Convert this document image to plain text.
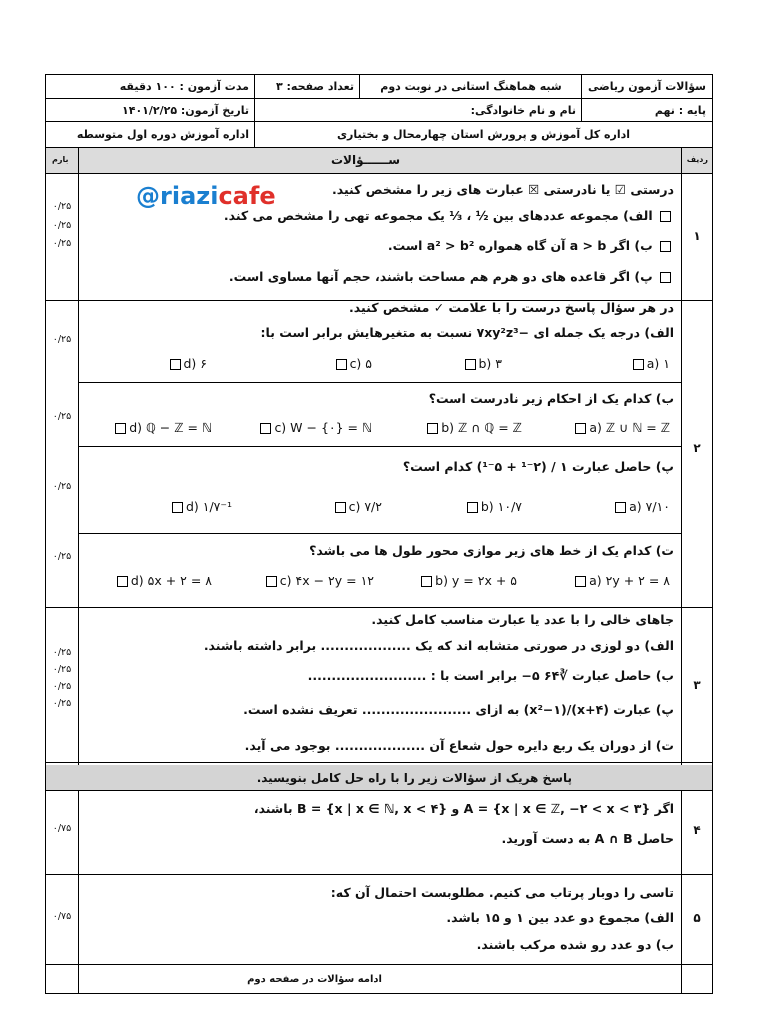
سؤالات آزمون ریاضی
شبه هماهنگ استانی در نوبت دوم
تعداد صفحه: ۳
مدت آزمون : ۱۰۰ دقیقه
پایه : نهم
نام و نام خانوادگی:
تاریخ آزمون: ۱۴۰۱/۲/۲۵
اداره کل آموزش و پرورش استان چهارمحال و بختیاری
اداره آموزش دوره اول متوسطه
ردیف
ســــــؤالات
بارم
۱
درستی ☑ یا نادرستی ☒ عبارت های زیر را مشخص کنید.
الف) مجموعه عددهای بین ½ ، ⅓ یک مجموعه تهی را مشخص می کند.
ب) اگر a > b آن گاه همواره a² > b² است.
پ) اگر قاعده های دو هرم هم مساحت باشند، حجم آنها مساوی است.
۰/۲۵
۰/۲۵
۰/۲۵
@riazicafe
۲
در هر سؤال پاسخ درست را با علامت ✓ مشخص کنید.
الف) درجه یک جمله ای −۷xy²z³ نسبت به متغیرهایش برابر است با:
a) ۱
b) ۳
c) ۵
d) ۶
۰/۲۵
ب) کدام یک از احکام زیر نادرست است؟
a) ℤ ∪ ℕ = ℤ
b) ℤ ∩ ℚ = ℤ
c) W − {۰} = ℕ
d) ℚ − ℤ = ℕ
۰/۲۵
پ) حاصل عبارت ۱ / (۲⁻¹ + ۵⁻¹) کدام است؟
a) ۷/۱۰
b) ۱۰/۷
c) ۷/۲
d) ۱/۷⁻¹
۰/۲۵
ت) کدام یک از خط های زیر موازی محور طول ها می باشد؟
a) ۲y + ۲ = ۸
b) y = ۲x + ۵
c) ۴x − ۲y = ۱۲
d) ۵x + ۲ = ۸
۰/۲۵
۳
جاهای خالی را با عدد یا عبارت مناسب کامل کنید.
الف) دو لوزی در صورتی متشابه اند که یک ................... برابر داشته باشند.
ب) حاصل عبارت ∛۶۴ ۵− برابر است با : .........................
پ) عبارت (x+۴)/(x²−۱) به ازای ....................... تعریف نشده است.
ت) از دوران یک ربع دایره حول شعاع آن ................... بوجود می آید.
۰/۲۵
۰/۲۵
۰/۲۵
۰/۲۵
پاسخ هریک از سؤالات زیر را با راه حل کامل بنویسید.
۴
اگر A = {x | x ∈ ℤ, −۲ < x < ۳} و B = {x | x ∈ ℕ, x < ۴} باشند،
حاصل A ∩ B به دست آورید.
۰/۷۵
۵
تاسی را دوبار پرتاب می کنیم. مطلوبست احتمال آن که:
الف) مجموع دو عدد بین ۱ و ۱۵ باشد.
ب) دو عدد رو شده مرکب باشند.
۰/۷۵
ادامه سؤالات در صفحه دوم
